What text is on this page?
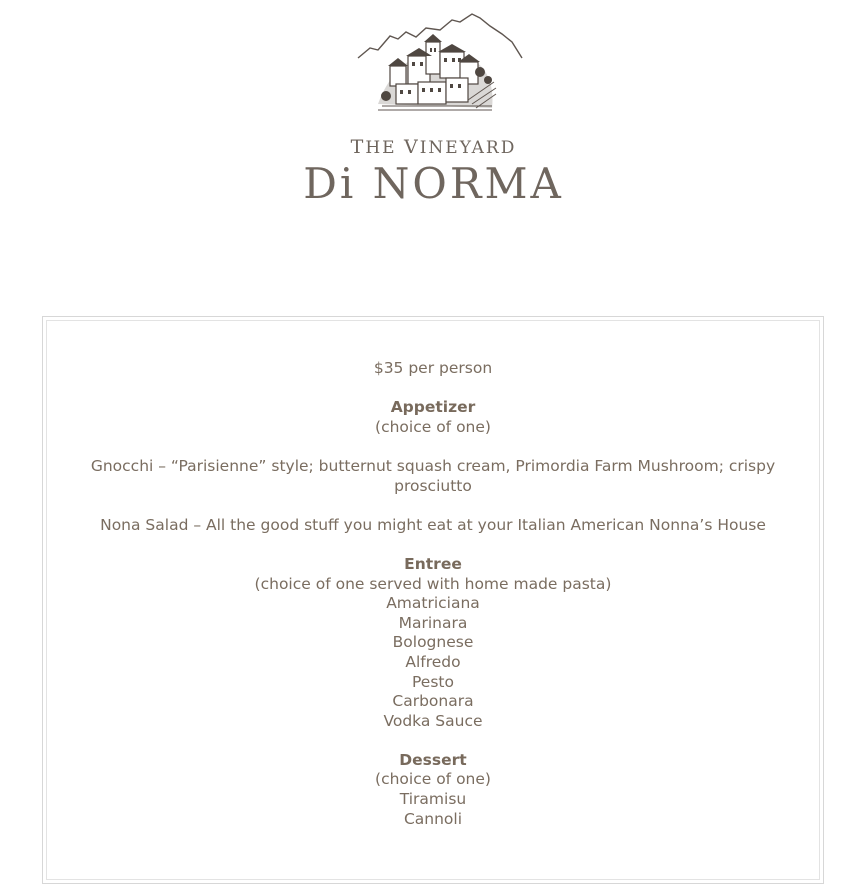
THE VINEYARD
Di NORMA

$35 per person

Appetizer

(choice of one)

Gnocchi – “Parisienne” style; butternut squash cream, Primordia Farm Mushroom; crispy

prosciutto

Nona Salad – All the good stuff you might eat at your Italian American Nonna’s House

Entree

(choice of one served with home made pasta)

Amatriciana

Marinara

Bolognese

Alfredo

Pesto

Carbonara

Vodka Sauce

Dessert

(choice of one)

Tiramisu

Cannoli
